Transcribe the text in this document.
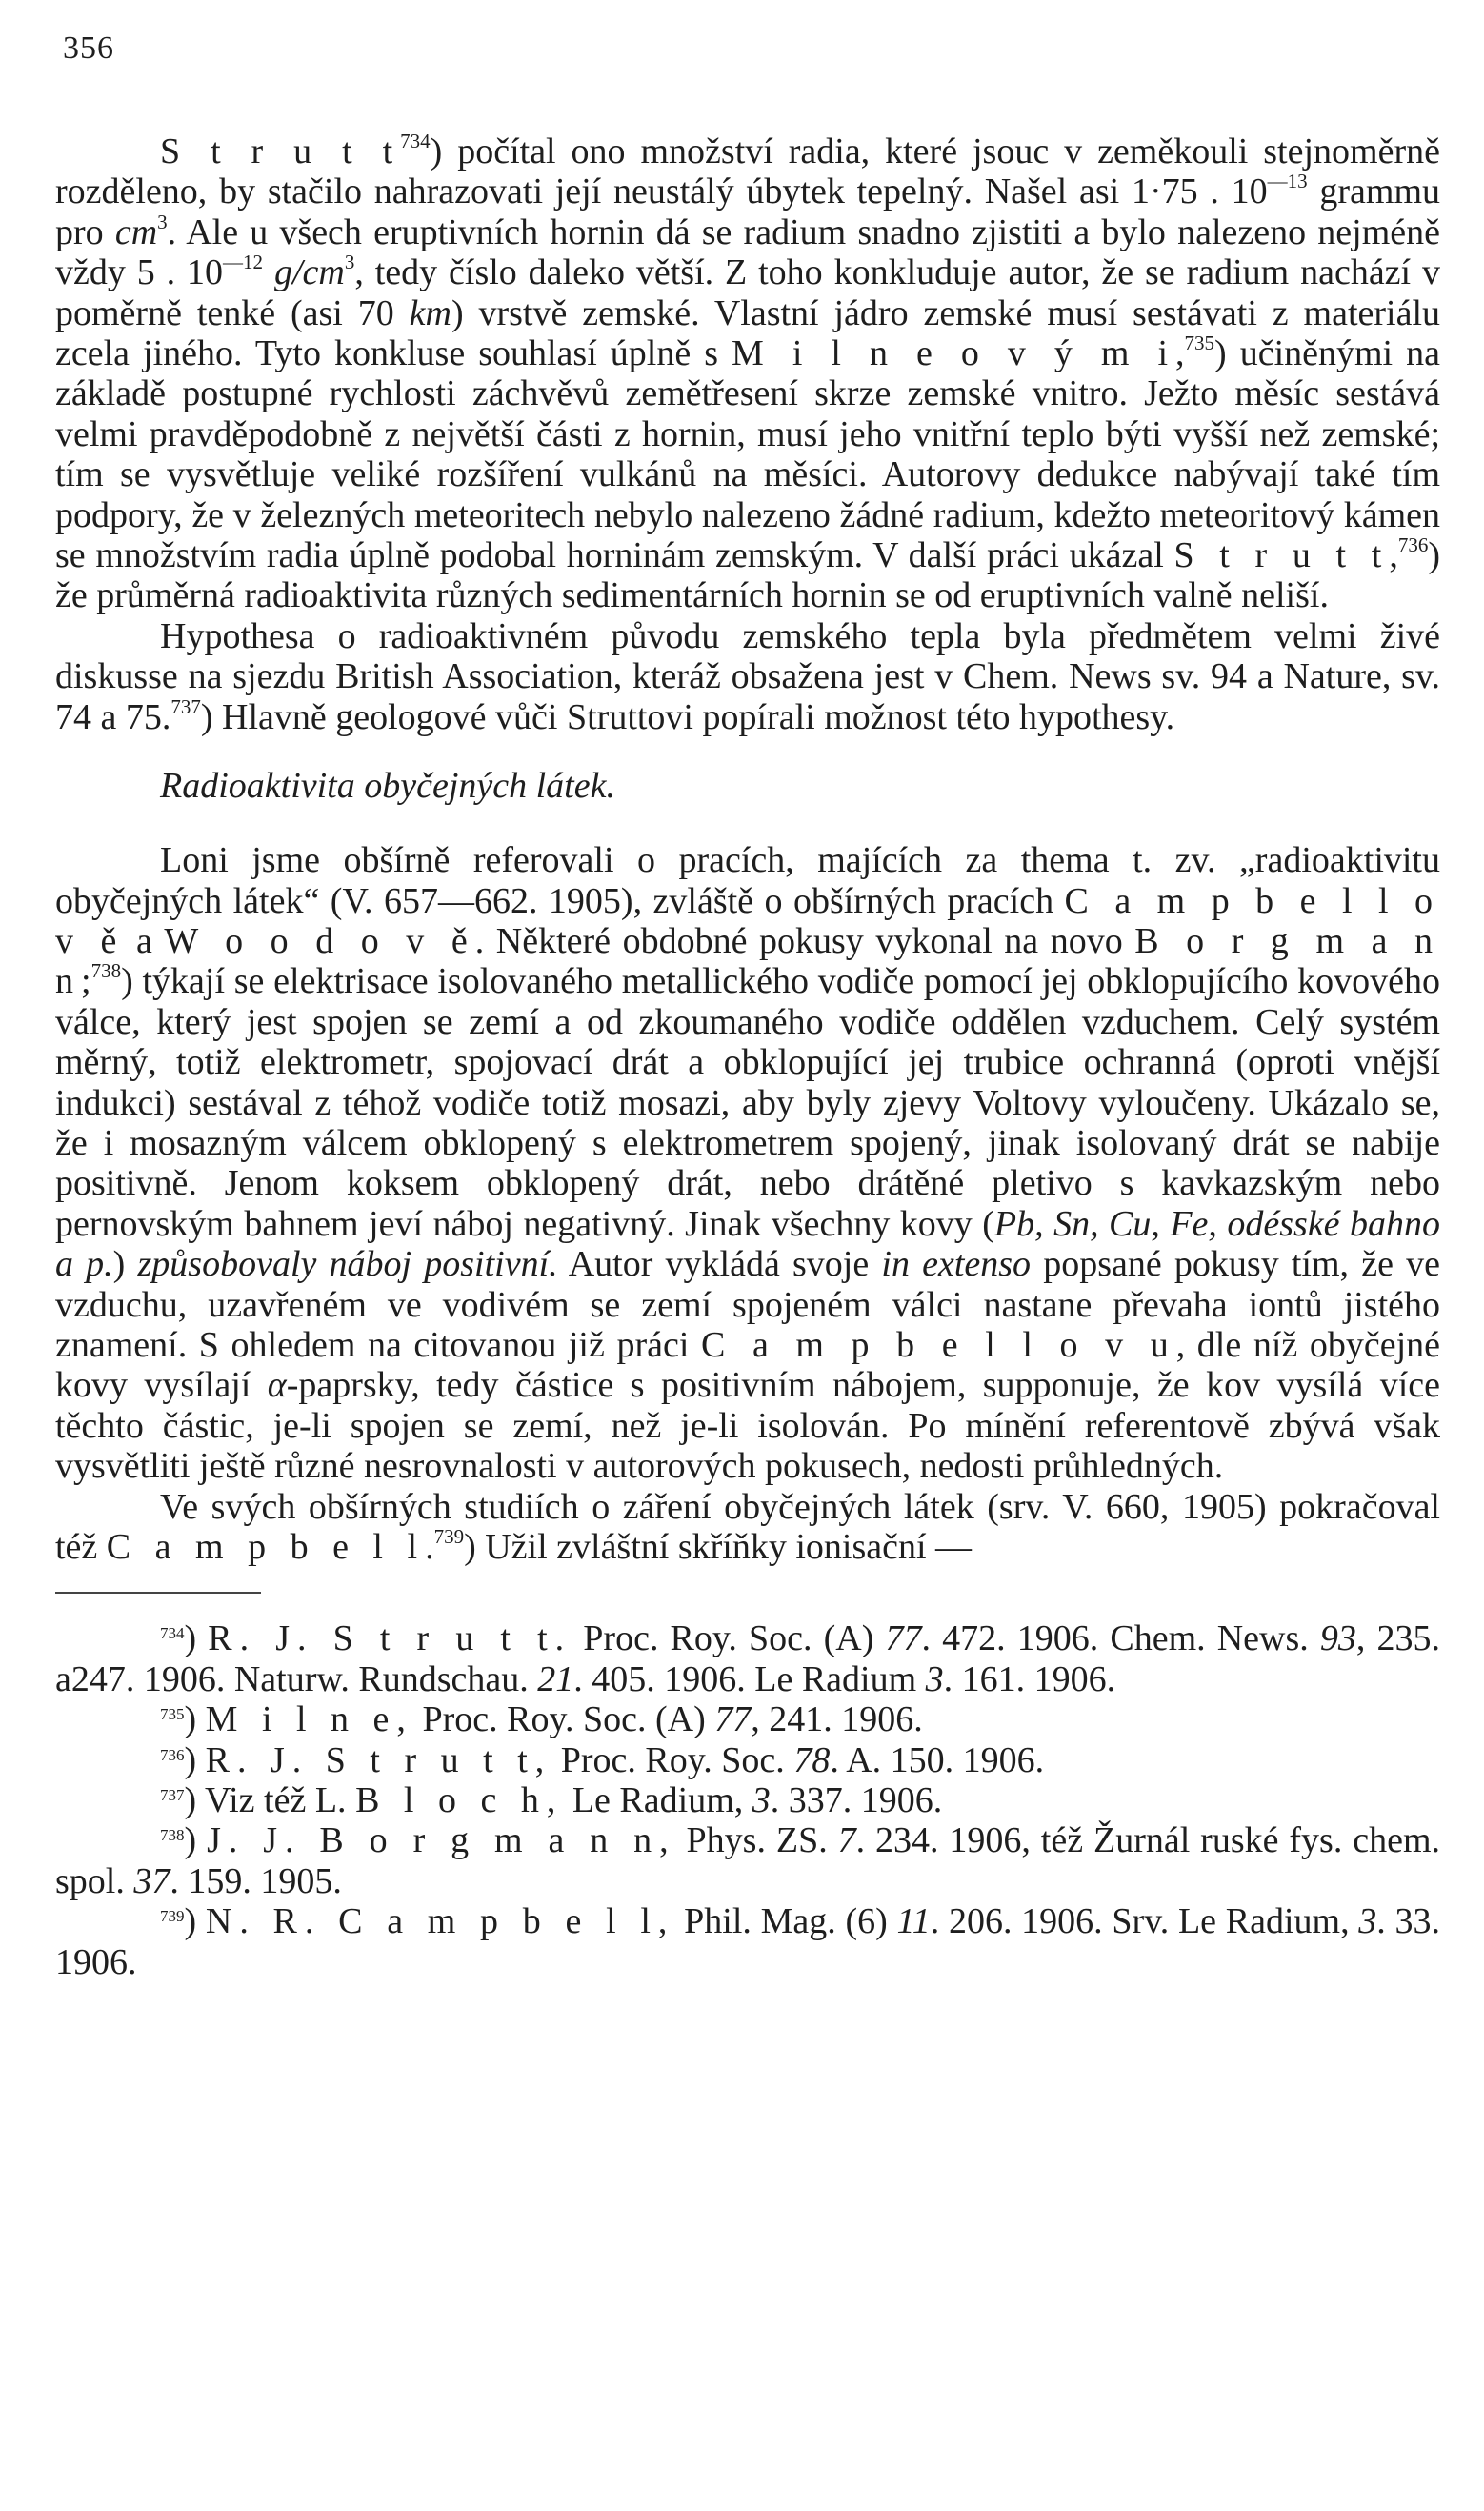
356

S t r u t $t^{734}$) počítal ono množství radia, které jsouc v zeměkouli stejnoměrně rozděleno, by stačilo nahrazovati její neustálý úbytek tepelný. Našel asi 1·75 . $10^{—13}$ grammu pro $cm^3$. Ale u všech eruptivních hornin dá se radium snadno zjistiti a bylo nalezeno nejméně vždy 5 . $10^{—12}$ $g/cm^3$, tedy číslo daleko větší. Z toho konkluduje autor, že se radium nachází v poměrně tenké (asi 70 km) vrstvě zemské. Vlastní jádro zemské musí sestávati z materiálu zcela jiného. Tyto konkluse souhlasí úplně s M i l n e o v ý m i,$^{735}$) učiněnými na základě postupné rychlosti záchvěvů zemětřesení skrze zemské vnitro. Ježto měsíc sestává velmi pravděpodobně z největší části z hornin, musí jeho vnitřní teplo býti vyšší než zemské; tím se vysvětluje veliké rozšíření vulkánů na měsíci. Autorovy dedukce nabývají také tím podpory, že v železných meteoritech nebylo nalezeno žádné radium, kdežto meteoritový kámen se množstvím radia úplně podobal horninám zemským. V další práci ukázal S t r u t t,$^{736}$) že průměrná radioaktivita různých sedimentárních hornin se od eruptivních valně neliší.

Hypothesa o radioaktivném původu zemského tepla byla předmětem velmi živé diskusse na sjezdu British Association, kteráž obsažena jest v Chem. News sv. 94 a Nature, sv. 74 a 75.$^{737}$) Hlavně geologové vůči Struttovi popírali možnost této hypothesy.

Radioaktivita obyčejných látek.

Loni jsme obšírně referovali o pracích, majících za themа t. zv. „radioaktivitu obyčejných látek“ (V. 657—662. 1905), zvláště o obšírných pracích C a m p b e l l o v ě a W o o d o v ě. Některé obdobné pokusy vykonal na novo B o r g m a n n;$^{738}$) týkají se elektrisace isolovaného metallického vodiče pomocí jej obklopujícího kovového válce, který jest spojen se zemí a od zkoumaného vodiče oddělen vzduchem. Celý systém měrný, totiž elektrometr, spojovací drát a obklopující jej trubice ochranná (oproti vnější indukci) sestával z téhož vodiče totiž mosazi, aby byly zjevy Voltovy vyloučeny. Ukázalo se, že i mosazným válcem obklopený s elektrometrem spojený, jinak isolovaný drát se nabije positivně. Jenom koksem obklopený drát, nebo drátěné pletivo s kavkazským nebo pernovským bahnem jeví náboj negativný. Jinak všechny kovy (Pb, Sn, Cu, Fe, odésské bahno a p.) způsobovaly náboj positivní. Autor vykládá svoje in extenso popsané pokusy tím, že ve vzduchu, uzavřeném ve vodivém se zemí spojeném válci nastane převaha iontů jistého znamení. S ohledem na citovanou již práci C a m p b e l l o v u, dle níž obyčejné kovy vysílají α-paprsky, tedy částice s positivním nábojem, supponuje, že kov vysílá více těchto částic, je-li spojen se zemí, než je-li isolován. Po mínění referentově zbývá však vysvětliti ještě různé nesrovnalosti v autorových pokusech, nedosti průhledných.

Ve svých obšírných studiích o záření obyčejných látek (srv. V. 660, 1905) pokračoval též C a m p b e l l.$^{739}$) Užil zvláštní skříňky ionisační —

$^{734}$) R. J. S t r u t t. Proc. Roy. Soc. (A) 77. 472. 1906. Chem. News. 93, 235. a247. 1906. Naturw. Rundschau. 21. 405. 1906. Le Radium 3. 161. 1906.

$^{735}$) M i l n e, Proc. Roy. Soc. (A) 77, 241. 1906.

$^{736}$) R. J. S t r u t t, Proc. Roy. Soc. 78. A. 150. 1906.

$^{737}$) Viz též L. B l o c h, Le Radium, 3. 337. 1906.

$^{738}$) J. J. B o r g m a n n, Phys. ZS. 7. 234. 1906, též Žurnál ruské fys. chem. spol. 37. 159. 1905.

$^{739}$) N. R. C a m p b e l l, Phil. Mag. (6) 11. 206. 1906. Srv. Le Radium, 3. 33. 1906.
